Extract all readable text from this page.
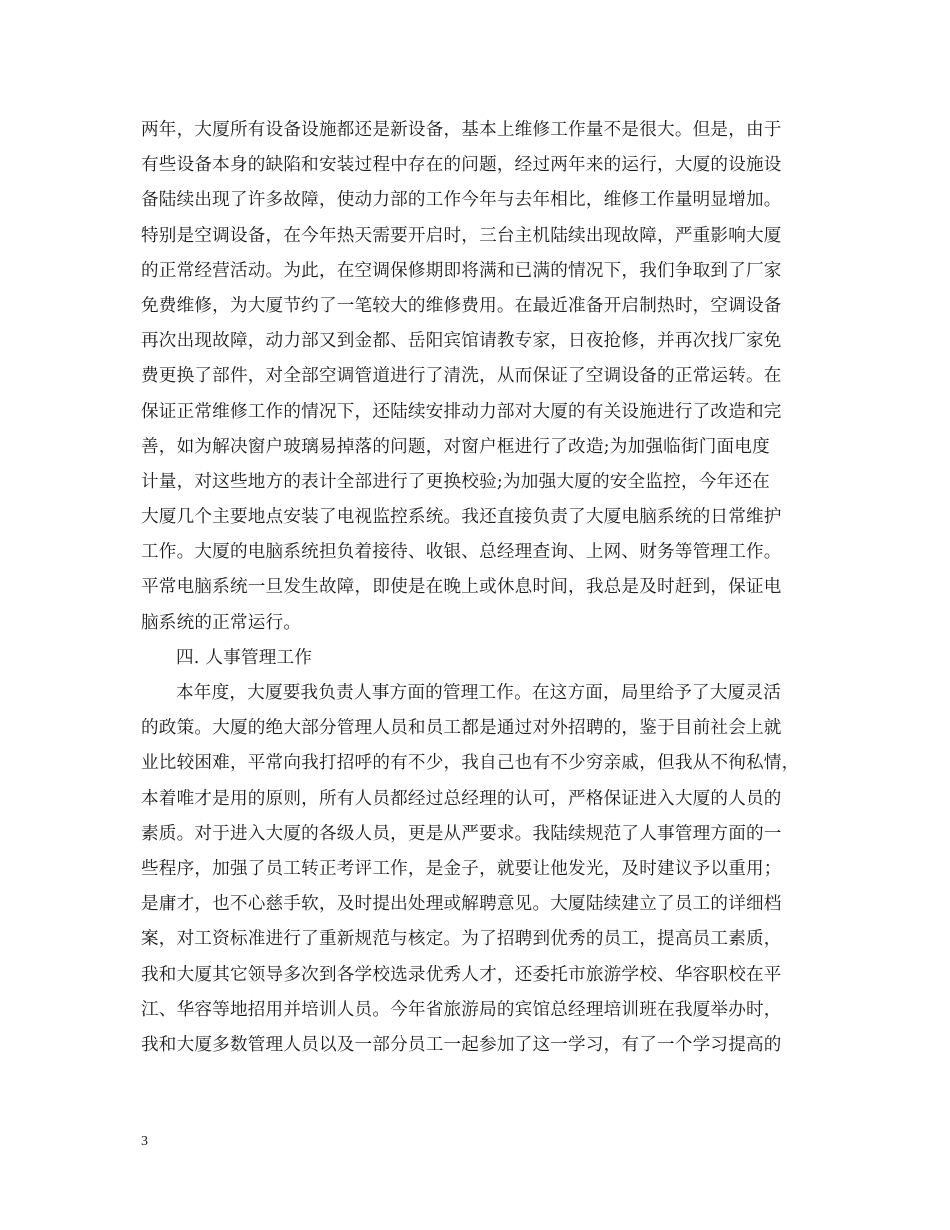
两年，大厦所有设备设施都还是新设备，基本上维修工作量不是很大。但是，由于
有些设备本身的缺陷和安装过程中存在的问题，经过两年来的运行，大厦的设施设
备陆续出现了许多故障，使动力部的工作今年与去年相比，维修工作量明显增加。
特别是空调设备，在今年热天需要开启时，三台主机陆续出现故障，严重影响大厦
的正常经营活动。为此，在空调保修期即将满和已满的情况下，我们争取到了厂家
免费维修，为大厦节约了一笔较大的维修费用。在最近准备开启制热时，空调设备
再次出现故障，动力部又到金都、岳阳宾馆请教专家，日夜抢修，并再次找厂家免
费更换了部件，对全部空调管道进行了清洗，从而保证了空调设备的正常运转。在
保证正常维修工作的情况下，还陆续安排动力部对大厦的有关设施进行了改造和完
善，如为解决窗户玻璃易掉落的问题，对窗户框进行了改造;为加强临街门面电度
计量，对这些地方的表计全部进行了更换校验;为加强大厦的安全监控，今年还在
大厦几个主要地点安装了电视监控系统。我还直接负责了大厦电脑系统的日常维护
工作。大厦的电脑系统担负着接待、收银、总经理查询、上网、财务等管理工作。
平常电脑系统一旦发生故障，即使是在晚上或休息时间，我总是及时赶到，保证电
脑系统的正常运行。
四. 人事管理工作
本年度，大厦要我负责人事方面的管理工作。在这方面，局里给予了大厦灵活
的政策。大厦的绝大部分管理人员和员工都是通过对外招聘的，鉴于目前社会上就
业比较困难，平常向我打招呼的有不少，我自己也有不少穷亲戚，但我从不徇私情，
本着唯才是用的原则，所有人员都经过总经理的认可，严格保证进入大厦的人员的
素质。对于进入大厦的各级人员，更是从严要求。我陆续规范了人事管理方面的一
些程序，加强了员工转正考评工作，是金子，就要让他发光，及时建议予以重用；
是庸才，也不心慈手软，及时提出处理或解聘意见。大厦陆续建立了员工的详细档
案，对工资标准进行了重新规范与核定。为了招聘到优秀的员工，提高员工素质，
我和大厦其它领导多次到各学校选录优秀人才，还委托市旅游学校、华容职校在平
江、华容等地招用并培训人员。今年省旅游局的宾馆总经理培训班在我厦举办时，
我和大厦多数管理人员以及一部分员工一起参加了这一学习，有了一个学习提高的
3
